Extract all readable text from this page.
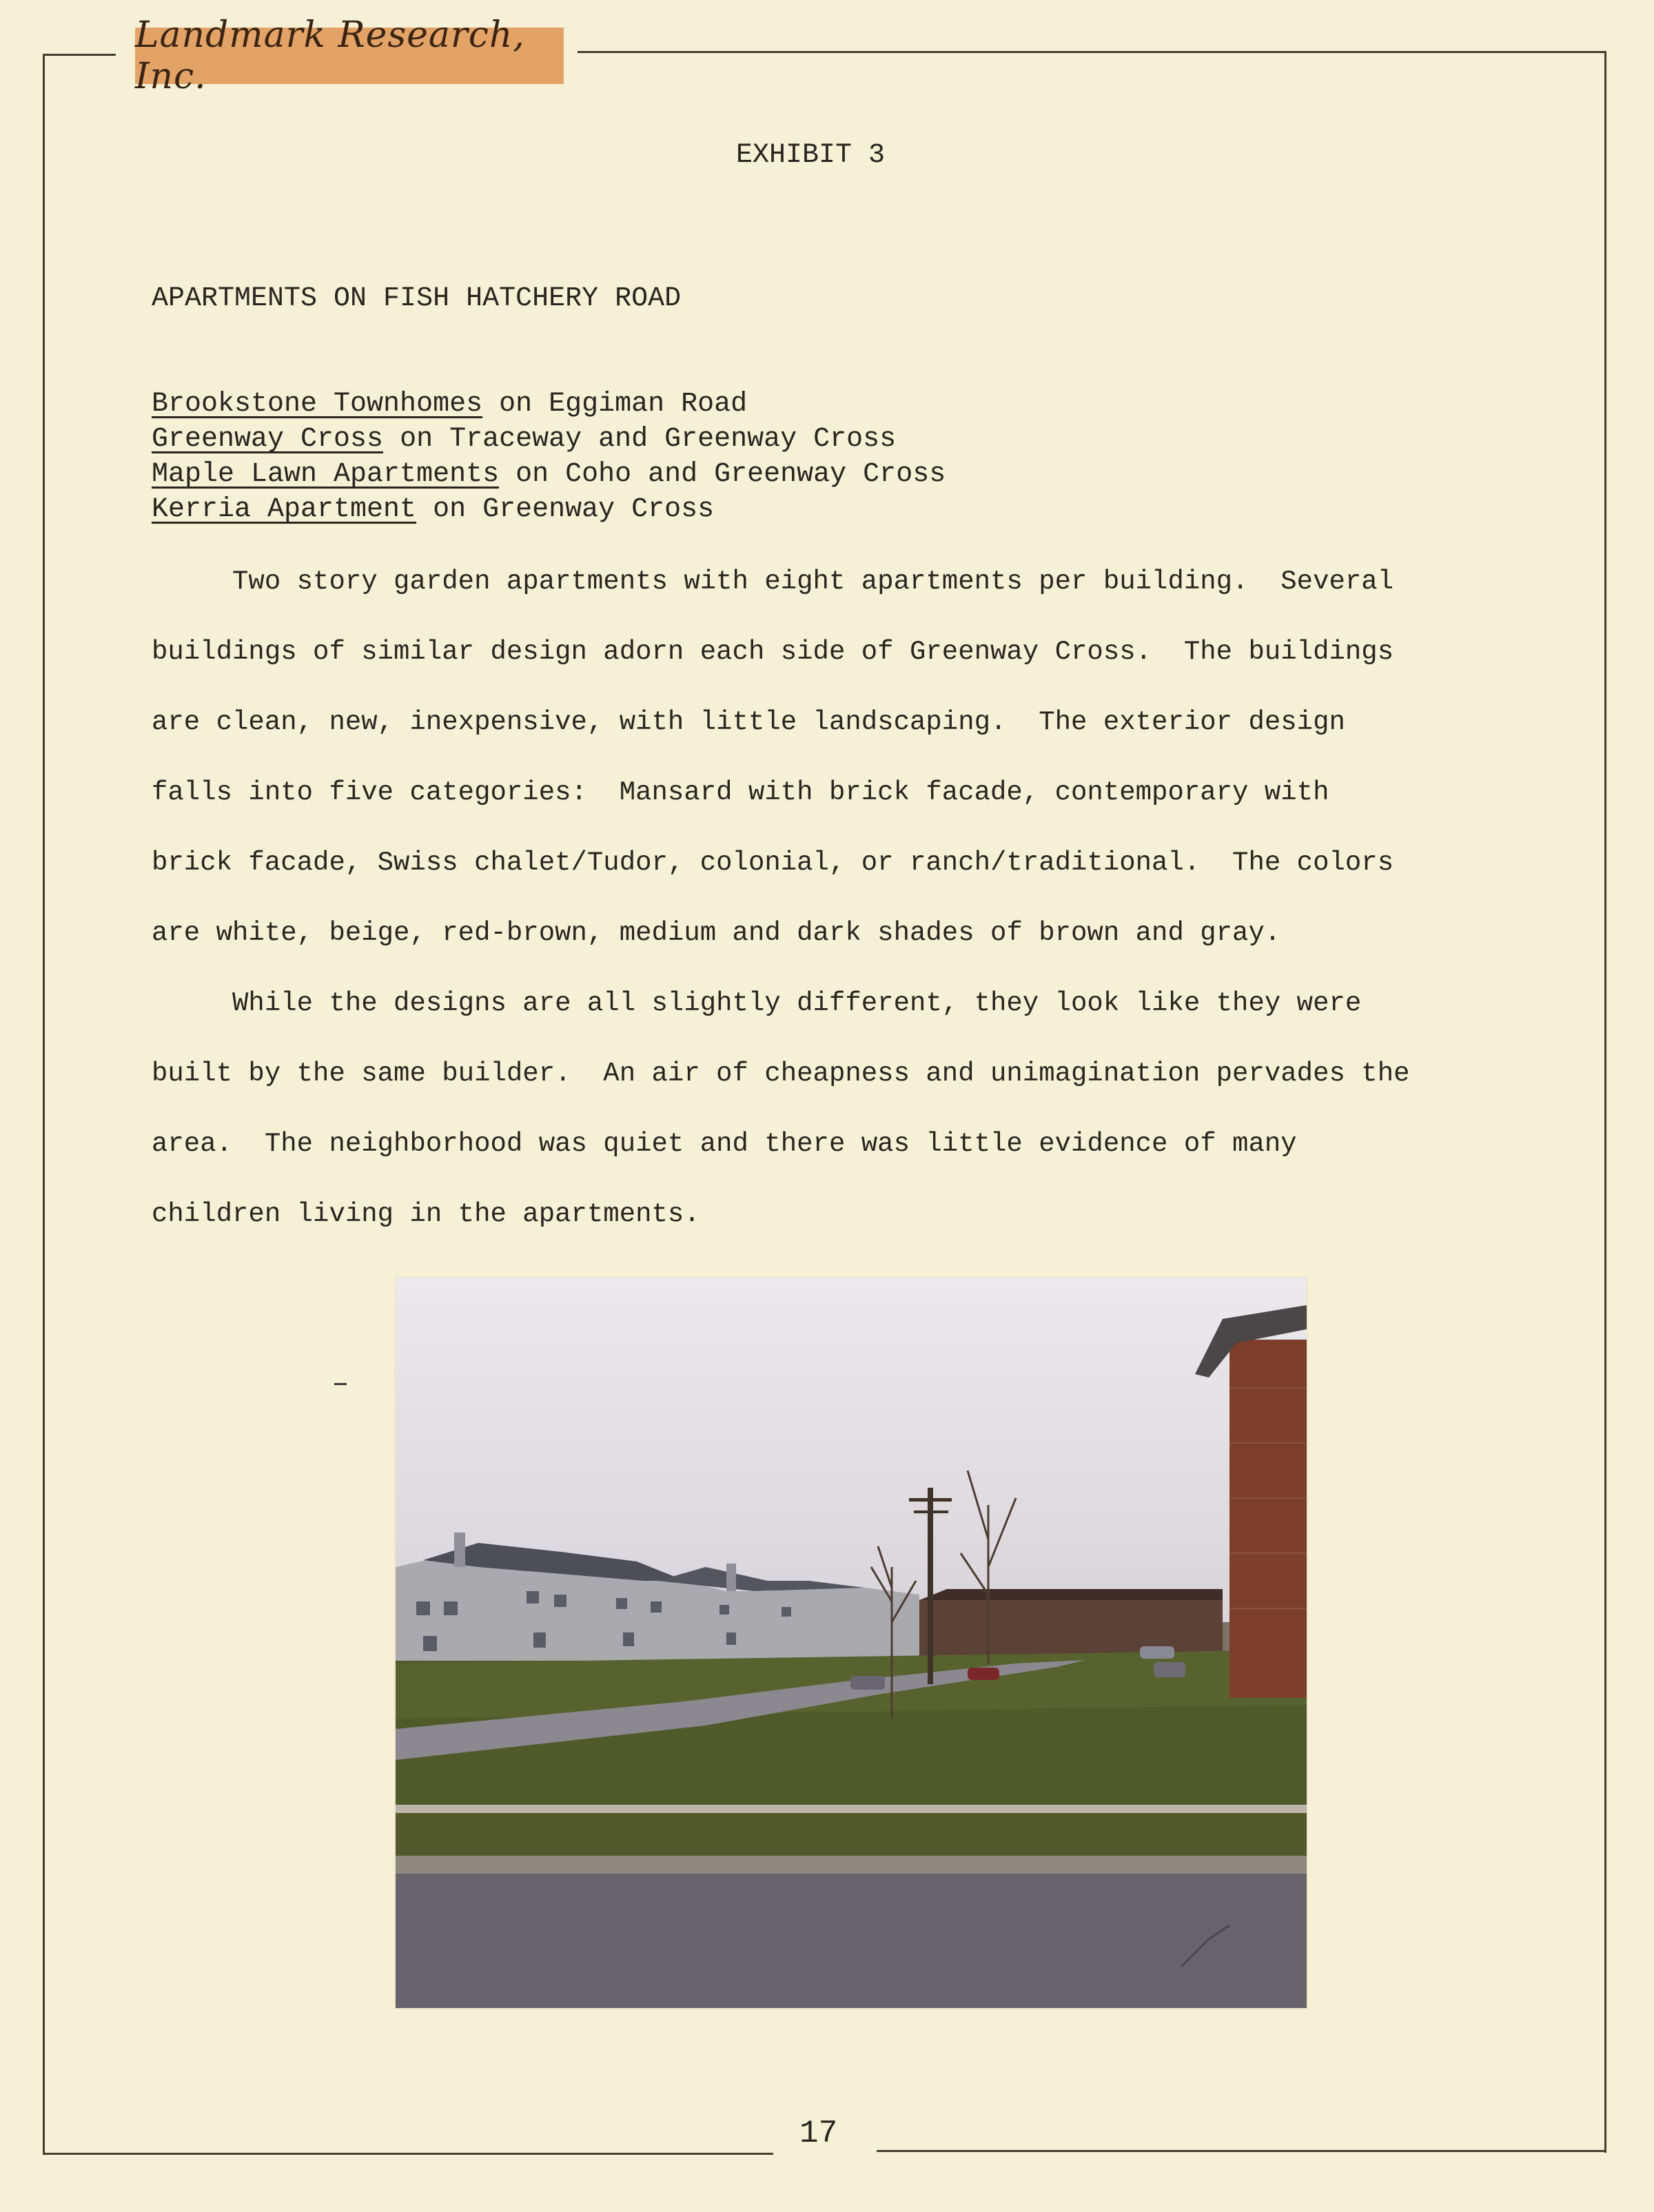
Landmark Research, Inc.
EXHIBIT 3
APARTMENTS ON FISH HATCHERY ROAD
Brookstone Townhomes on Eggiman Road
Greenway Cross on Traceway and Greenway Cross
Maple Lawn Apartments on Coho and Greenway Cross
Kerria Apartment on Greenway Cross
Two story garden apartments with eight apartments per building.  Several
buildings of similar design adorn each side of Greenway Cross.  The buildings
are clean, new, inexpensive, with little landscaping.  The exterior design
falls into five categories:  Mansard with brick facade, contemporary with
brick facade, Swiss chalet/Tudor, colonial, or ranch/traditional.  The colors
are white, beige, red-brown, medium and dark shades of brown and gray.
While the designs are all slightly different, they look like they were
built by the same builder.  An air of cheapness and unimagination pervades the
area.  The neighborhood was quiet and there was little evidence of many
children living in the apartments.
17
